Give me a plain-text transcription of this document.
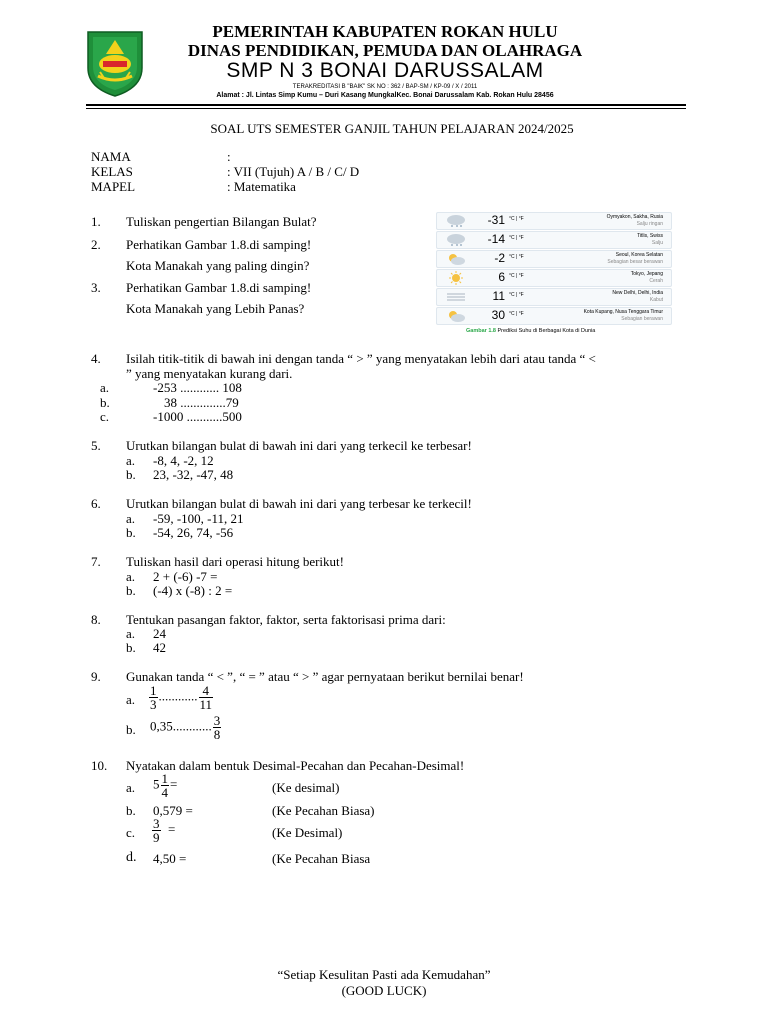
PEMERINTAH KABUPATEN ROKAN HULU
DINAS PENDIDIKAN, PEMUDA DAN OLAHRAGA
SMP N 3 BONAI DARUSSALAM
TERAKREDITASI B "BAIK" SK NO : 362 / BAP-SM / KP-09 / X / 2011
Alamat : Jl. Lintas Simp Kumu – Duri Kasang MungkalKec. Bonai Darussalam Kab. Rokan Hulu 28456
SOAL UTS SEMESTER GANJIL TAHUN PELAJARAN 2024/2025
NAMA	:
KELAS	: VII (Tujuh) A / B / C/ D
MAPEL	: Matematika
1. Tuliskan pengertian Bilangan Bulat?
2. Perhatikan Gambar 1.8.di samping!
Kota Manakah yang paling dingin?
3. Perhatikan Gambar 1.8.di samping!
Kota Manakah yang Lebih Panas?
-31 °C | °F	Oymyakon, Sakha, Rusia
Salju ringan
-14 °C | °F	Titlis, Swiss
Salju
-2 °C | °F	Seoul, Korea Selatan
Sebagian besar berawan
6 °C | °F	Tokyo, Jepang
Cerah
11 °C | °F	New Delhi, Delhi, India
Kabut
30 °C | °F	Kota Kupang, Nusa Tenggara Timur
Sebagian berawan
Gambar 1.8 Prediksi Suhu di Berbagai Kota di Dunia
4. Isilah titik-titik di bawah ini dengan tanda “ > ” yang menyatakan lebih dari atau tanda “ <
” yang menyatakan kurang dari.
a.	-253 ............ 108
b.	38 ..............79
c.	-1000 ...........500
5. Urutkan bilangan bulat di bawah ini dari yang terkecil ke terbesar!
a. -8, 4, -2, 12
b. 23, -32, -47, 48
6. Urutkan bilangan bulat di bawah ini dari yang terbesar ke terkecil!
a. -59, -100, -11, 21
b. -54, 26, 74, -56
7. Tuliskan hasil dari operasi hitung berikut!
a. 2 + (-6) -7 =
b. (-4) x (-8) : 2 =
8. Tentukan pasangan faktor, faktor, serta faktorisasi prima dari:
a. 24
b. 42
9. Gunakan tanda “ < ”, “ = ” atau “ > ” agar pernyataan berikut bernilai benar!
a. $\frac{1}{3}$ ............ $\frac{4}{11}$
b. 0,35............ $\frac{3}{8}$
10. Nyatakan dalam bentuk Desimal-Pecahan dan Pecahan-Desimal!
a. $5 \frac{1}{4}$ =	(Ke desimal)
b. 0,579 =	(Ke Pecahan Biasa)
c. $\frac{3}{9}$ =	(Ke Desimal)
d. 4,50 =	(Ke Pecahan Biasa
“Setiap Kesulitan Pasti ada Kemudahan”
(GOOD LUCK)
